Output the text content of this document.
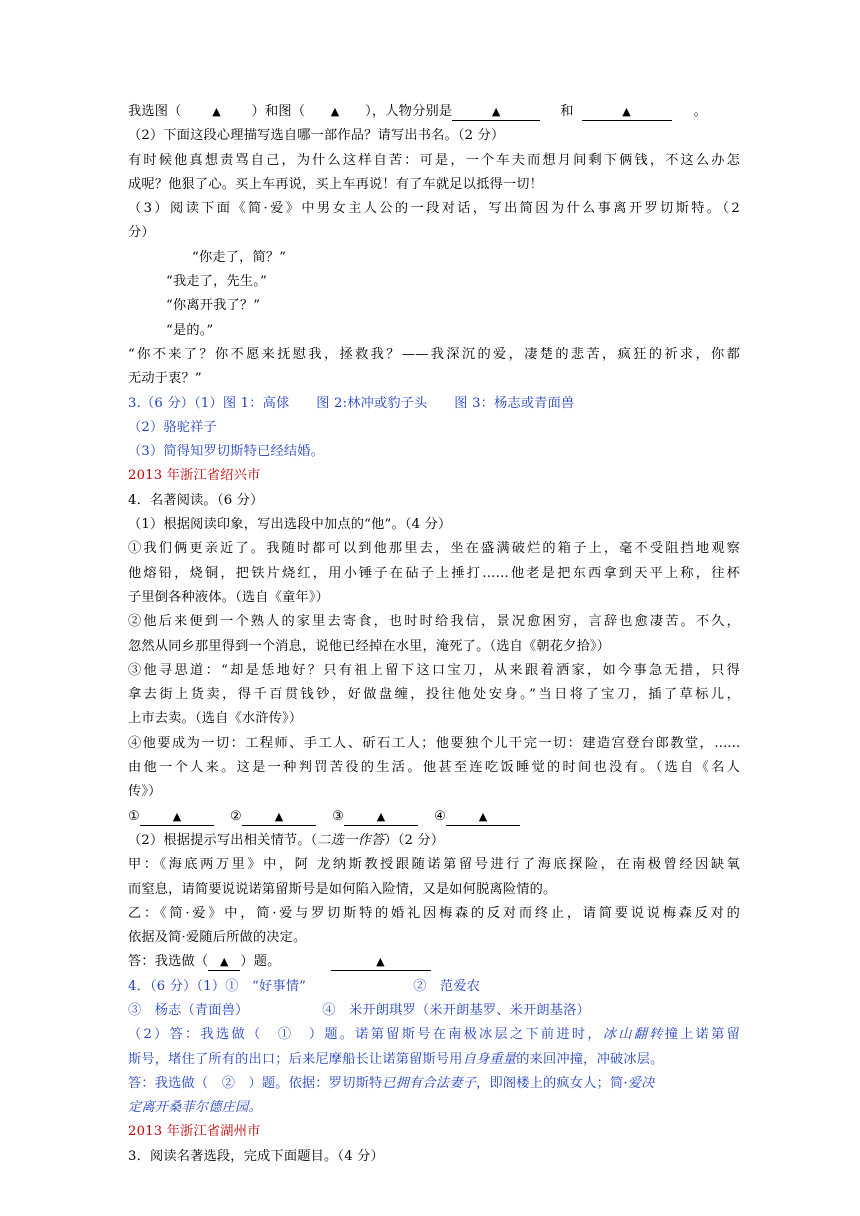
我选图（	▲ ）和图（ ▲ ），人物分别是	▲	和	▲	。
（2）下面这段心理描写选自哪一部作品？请写出书名。（2 分）
有时候他真想责骂自己，为什么这样自苦：可是，一个车夫而想月间剩下俩钱，不这么办怎
成呢？他狠了心。买上车再说，买上车再说！有了车就足以抵得一切！
（3）阅读下面《简·爱》中男女主人公的一段对话，写出简因为什么事离开罗切斯特。（2
分）
“你走了，简？”
“我走了，先生。”
“你离开我了？”
“是的。”
“你不来了？你不愿来抚慰我，拯救我？——我深沉的爱，凄楚的悲苦，疯狂的祈求，你都
无动于衷？”
3.（6 分）（1）图 1：高俅　　图 2:林冲或豹子头　　图 3：杨志或青面兽
（2）骆驼祥子
（3）简得知罗切斯特已经结婚。
2013 年浙江省绍兴市
4．名著阅读。（6 分）
（1）根据阅读印象，写出选段中加点的“他”。（4 分）
①我们俩更亲近了。我随时都可以到他那里去，坐在盛满破烂的箱子上，毫不受阻挡地观察
他熔铅，烧铜，把铁片烧红，用小锤子在砧子上捶打……他老是把东西拿到天平上称，往杯
子里倒各种液体。（选自《童年》）
②他后来便到一个熟人的家里去寄食，也时时给我信，景况愈困穷，言辞也愈凄苦。不久，
忽然从同乡那里得到一个消息，说他已经掉在水里，淹死了。（选自《朝花夕拾》）
③他寻思道：“却是恁地好？只有祖上留下这口宝刀，从来跟着洒家，如今事急无措，只得
拿去街上货卖，得千百贯钱钞，好做盘缠，投往他处安身。”当日将了宝刀，插了草标儿，
上市去卖。（选自《水浒传》）
④他要成为一切：工程师、手工人、斫石工人；他要独个儿干完一切：建造宫登台郎教堂，……
由他一个人来。这是一种判罚苦役的生活。他甚至连吃饭睡觉的时间也没有。（选自《名人
传》）
①	▲	②	▲	③	▲	④	▲
（2）根据提示写出相关情节。（二选一作答）（2 分）
甲：《海底两万里》中，阿 龙纳斯教授跟随诺第留号进行了海底探险，在南极曾经因缺氧
而窒息，请简要说说诺第留斯号是如何陷入险情，又是如何脱离险情的。
乙：《简·爱》中，简·爱与罗切斯特的婚礼因梅森的反对而终止，请简要说说梅森反对的
依据及简·爱随后所做的决定。
答：我选做（ ▲ ）题。	▲
4．（6 分）（1）①　“好事情”　　　　　　　　②　范爱农
③　杨志（青面兽）　　　　　　④　米开朗琪罗（米开朗基罗、米开朗基洛）
（2）答：我选做（　①　）题。诺第留斯号在南极冰层之下前进时，冰山翻转撞上诺第留
斯号，堵住了所有的出口；后来尼摩船长让诺第留斯号用自身重量的来回冲撞，冲破冰层。
答：我选做（　②　）题。依据：罗切斯特已拥有合法妻子，即阁楼上的疯女人；简·爱决
定离开桑菲尔德庄园。
2013 年浙江省湖州市
3．阅读名著选段，完成下面题目。（4 分）
